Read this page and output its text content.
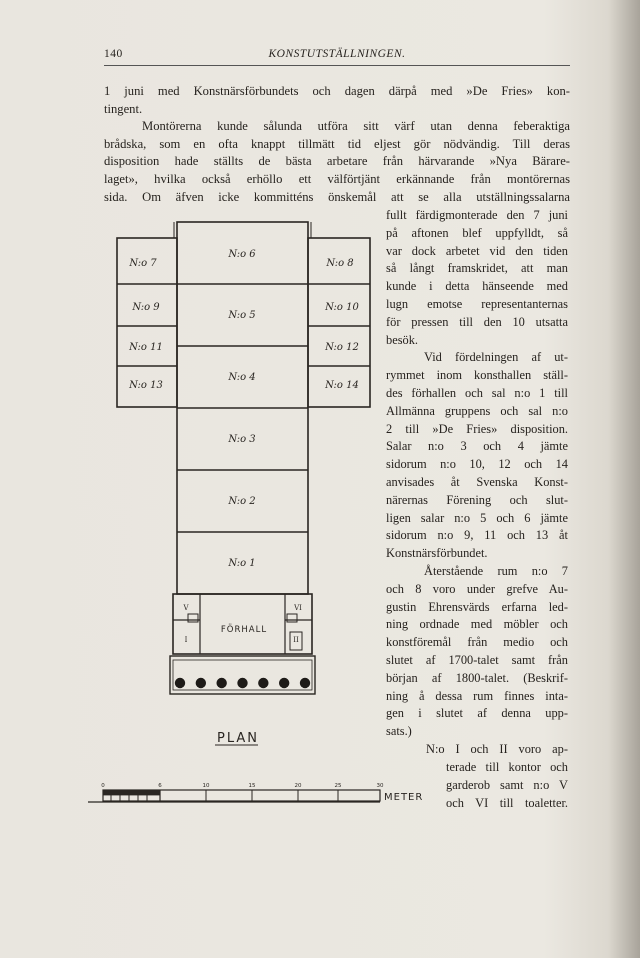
140	KONSTUTSTÄLLNINGEN.
1 juni med Konstnärsförbundets och dagen därpå med »De Fries» kon-
tingent.
Montörerna kunde sålunda utföra sitt värf utan denna feberaktiga
brådska, som en ofta knappt tillmätt tid eljest gör nödvändig. Till deras
disposition hade ställts de bästa arbetare från härvarande »Nya Bärare-
laget», hvilka också erhöllo ett välförtjänt erkännande från montörernas
sida. Om äfven icke kommitténs önskemål att se alla utställningssalarna
fullt färdigmonterade den 7 juni
på aftonen blef uppfylldt, så
var dock arbetet vid den tiden
så långt framskridet, att man
kunde i detta hänseende med
lugn emotse representanternas
för pressen till den 10 utsatta
besök.
Vid fördelningen af ut-
rymmet inom konsthallen ställ-
des förhallen och sal n:o 1 till
Allmänna gruppens och sal n:o
2 till »De Fries» disposition.
Salar n:o 3 och 4 jämte
sidorum n:o 10, 12 och 14
anvisades åt Svenska Konst-
närernas Förening och slut-
ligen salar n:o 5 och 6 jämte
sidorum n:o 9, 11 och 13 åt
Konstnärsförbundet.
Återstående rum n:o 7
och 8 voro under grefve Au-
gustin Ehrensvärds erfarna led-
ning ordnade med möbler och
konstföremål från medio och
slutet af 1700-talet samt från
början af 1800-talet. (Beskrif-
ning å dessa rum finnes inta-
gen i slutet af denna upp-
sats.)
N:o I och II voro ap-
terade till kontor och
garderob samt n:o V
och VI till toaletter.
N:o 6
N:o 5
N:o 4
N:o 3
N:o 2
N:o 1
N:o 7
N:o 9
N:o 11
N:o 13
N:o 8
N:o 10
N:o 12
N:o 14
V	VI
I	II
FÖRHALL
PLAN
0	6	10	15	20	25	30
METER
